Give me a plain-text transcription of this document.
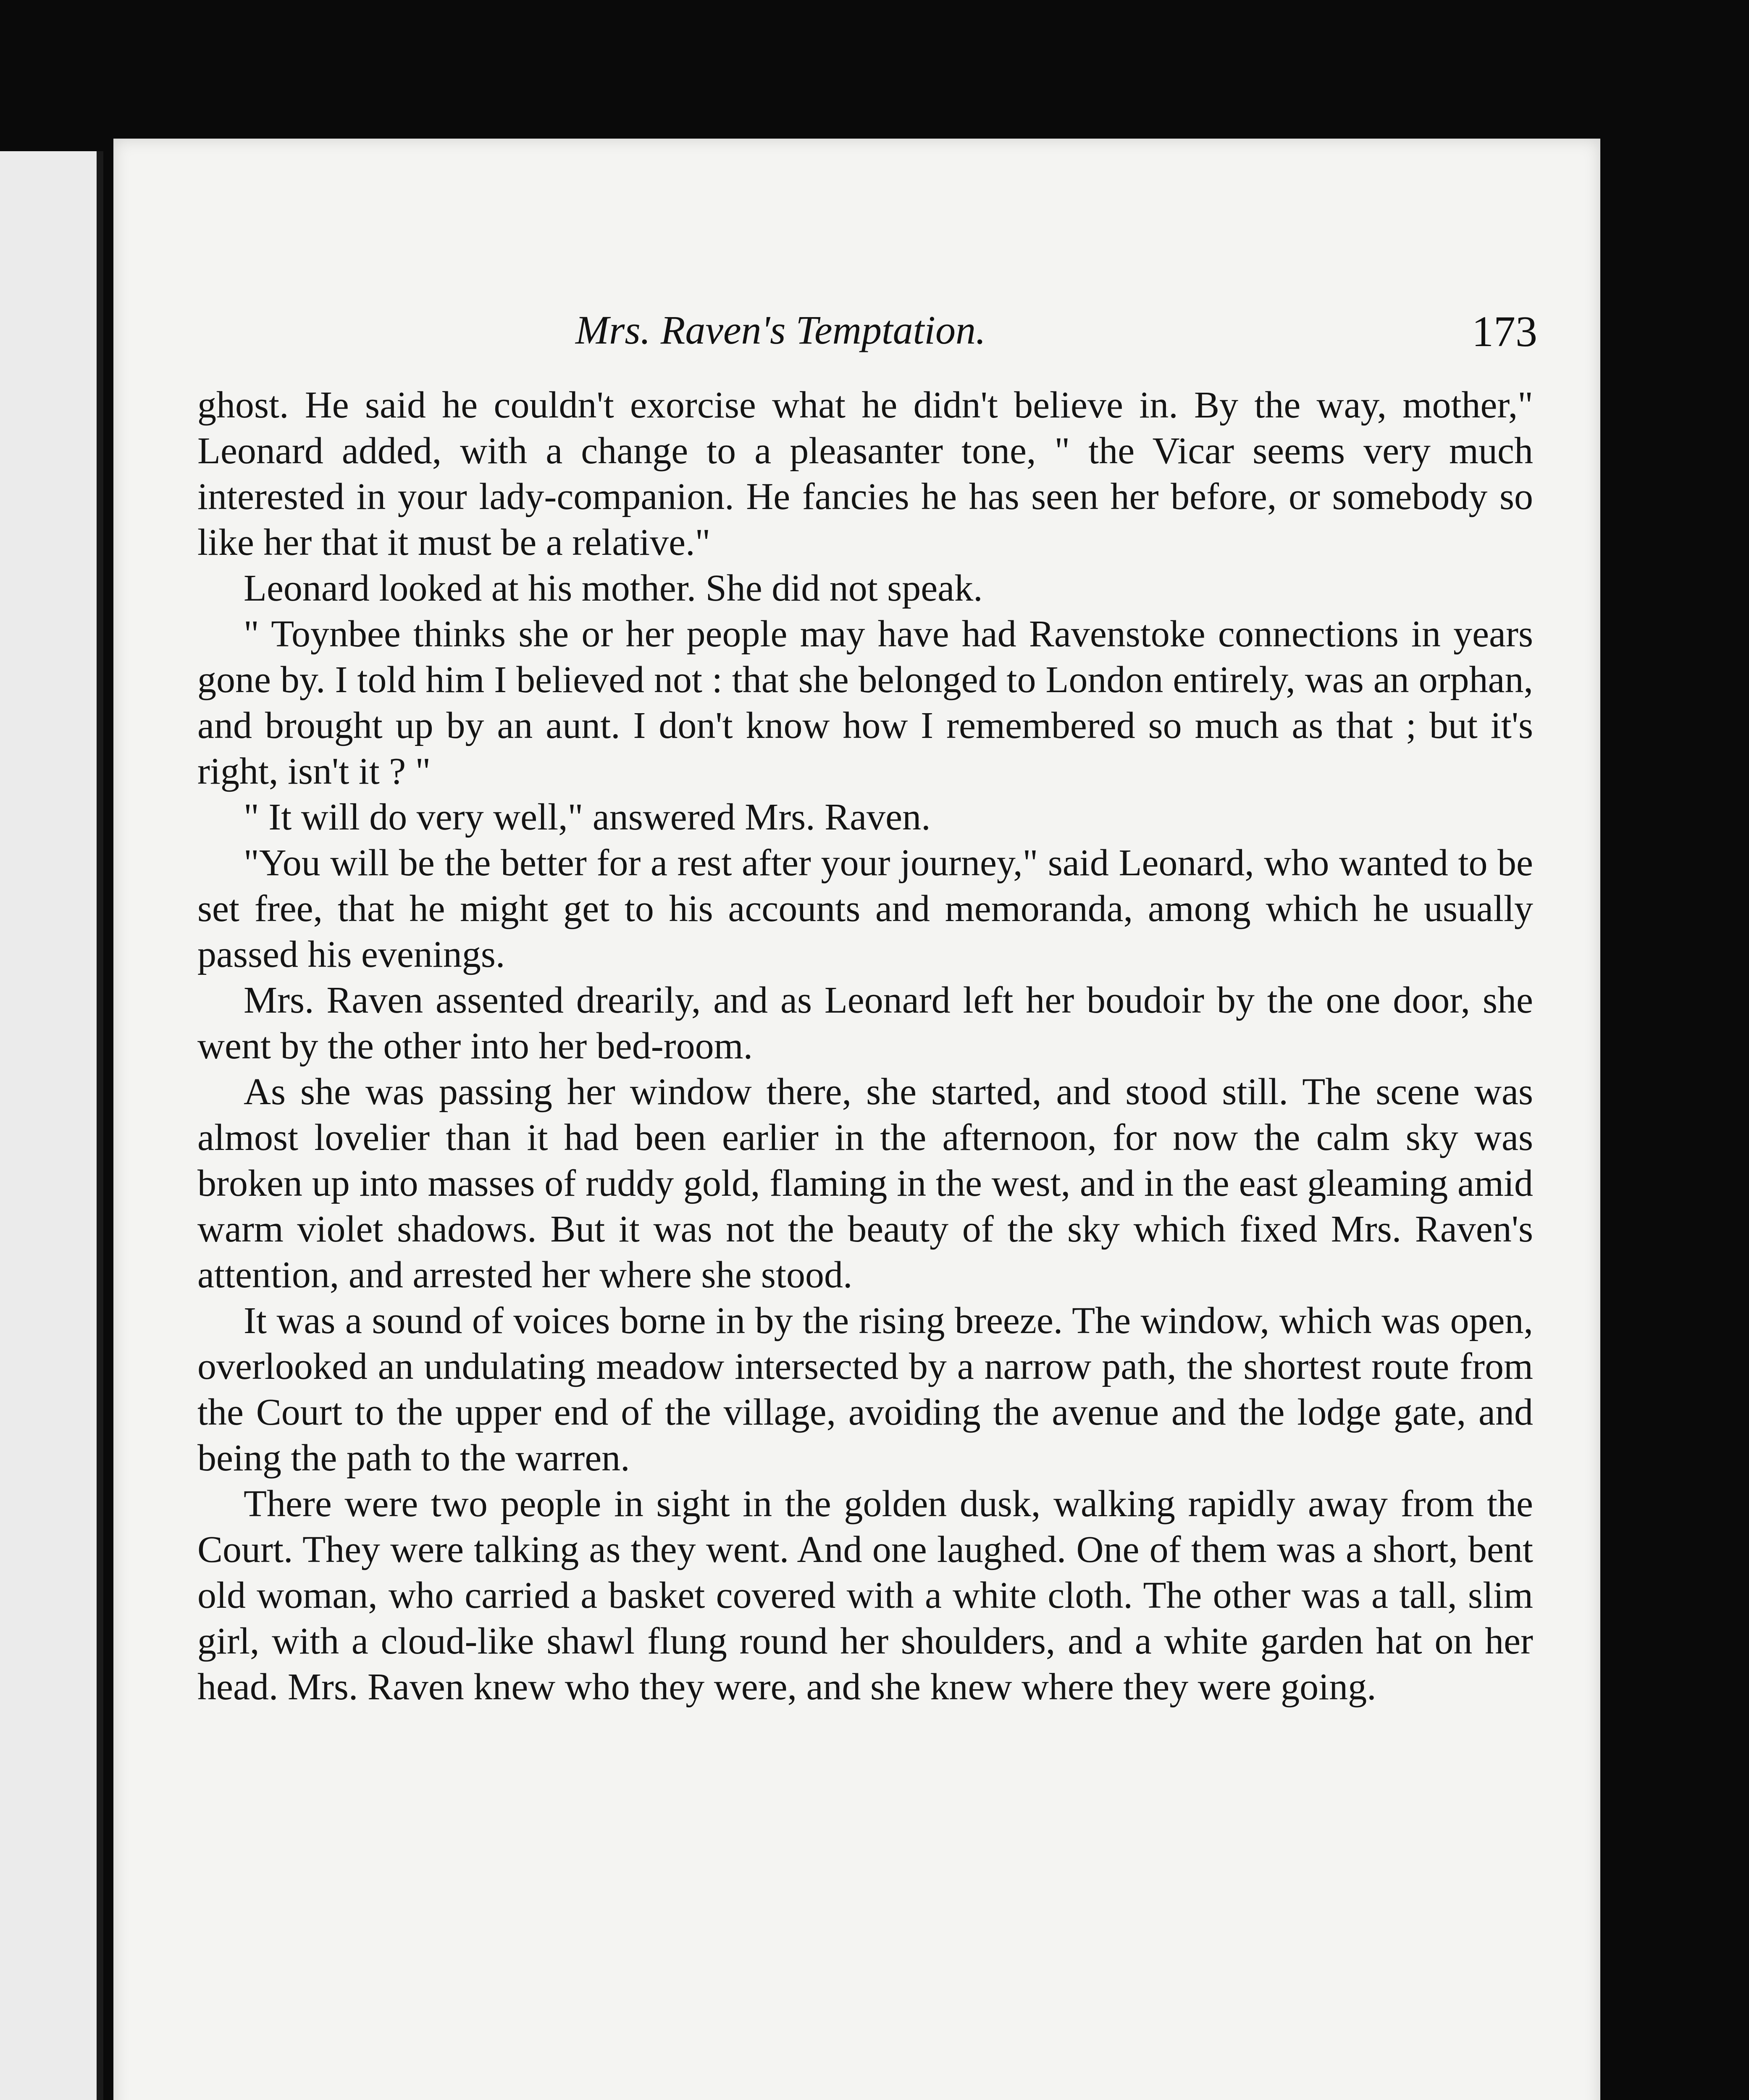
Mrs. Raven's Temptation.	173

ghost. He said he couldn't exorcise what he didn't believe in. By the way, mother," Leonard added, with a change to a pleasanter tone, " the Vicar seems very much interested in your lady-companion. He fancies he has seen her before, or somebody so like her that it must be a relative."

Leonard looked at his mother. She did not speak.

" Toynbee thinks she or her people may have had Ravenstoke connections in years gone by. I told him I believed not : that she belonged to London entirely, was an orphan, and brought up by an aunt. I don't know how I remembered so much as that ; but it's right, isn't it ? "

" It will do very well," answered Mrs. Raven.

"You will be the better for a rest after your journey," said Leonard, who wanted to be set free, that he might get to his accounts and memoranda, among which he usually passed his evenings.

Mrs. Raven assented drearily, and as Leonard left her boudoir by the one door, she went by the other into her bed-room.

As she was passing her window there, she started, and stood still. The scene was almost lovelier than it had been earlier in the afternoon, for now the calm sky was broken up into masses of ruddy gold, flaming in the west, and in the east gleaming amid warm violet shadows. But it was not the beauty of the sky which fixed Mrs. Raven's attention, and arrested her where she stood.

It was a sound of voices borne in by the rising breeze. The window, which was open, overlooked an undulating meadow intersected by a narrow path, the shortest route from the Court to the upper end of the village, avoiding the avenue and the lodge gate, and being the path to the warren.

There were two people in sight in the golden dusk, walking rapidly away from the Court. They were talking as they went. And one laughed. One of them was a short, bent old woman, who carried a basket covered with a white cloth. The other was a tall, slim girl, with a cloud-like shawl flung round her shoulders, and a white garden hat on her head. Mrs. Raven knew who they were, and she knew where they were going.
